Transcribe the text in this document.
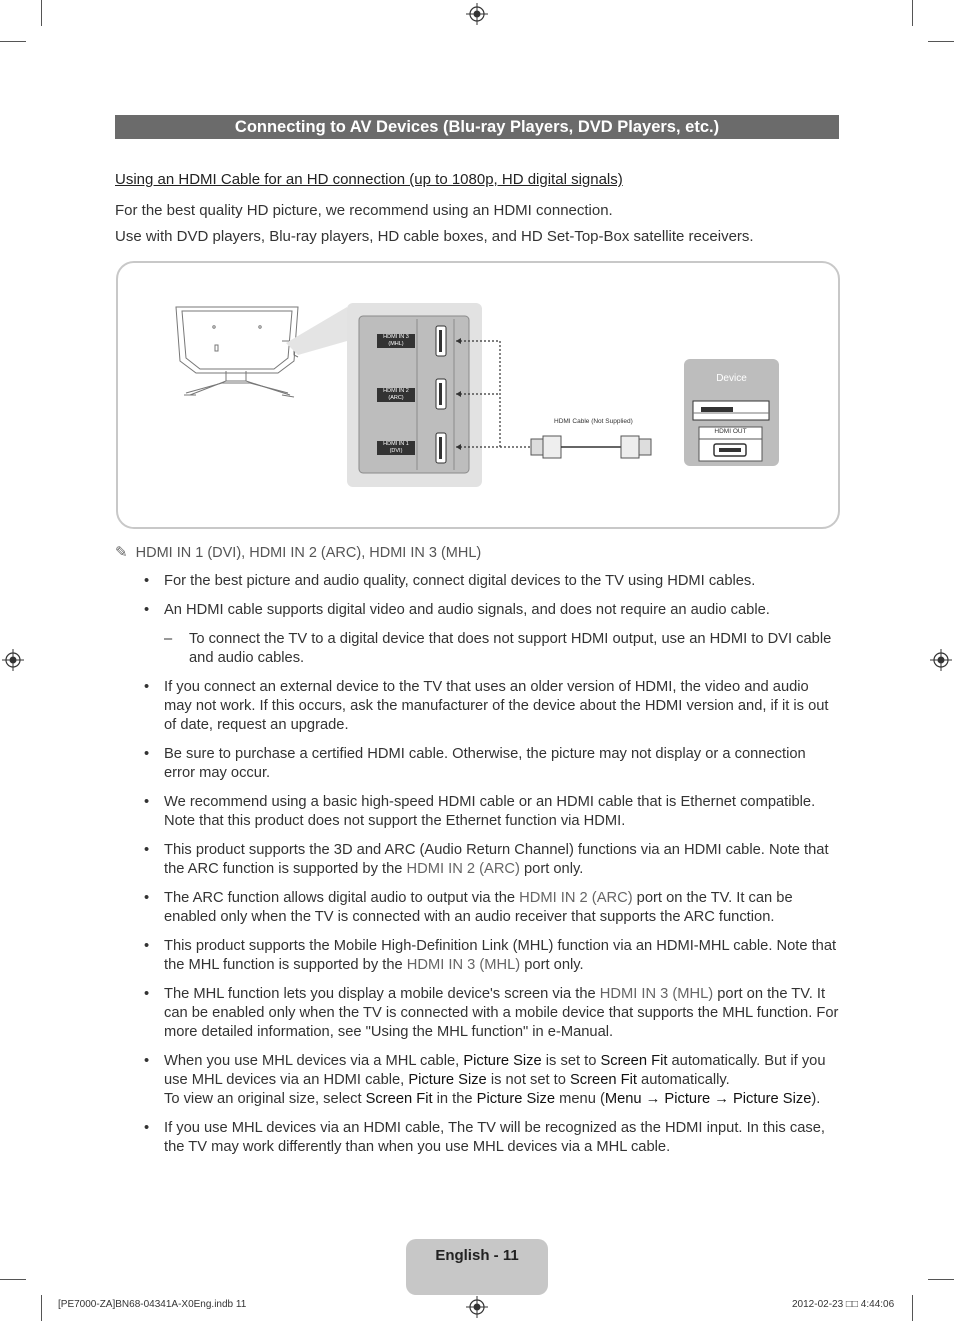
Connecting to AV Devices (Blu-ray Players, DVD Players, etc.)
Using an HDMI Cable for an HD connection (up to 1080p, HD digital signals)
For the best quality HD picture, we recommend using an HDMI connection.
Use with DVD players, Blu-ray players, HD cable boxes, and HD Set-Top-Box satellite receivers.
HDMI IN 3 (MHL)
HDMI IN 2 (ARC)
HDMI IN 1 (DVI)
HDMI Cable (Not Supplied)
Device
HDMI OUT
✎ HDMI IN 1 (DVI), HDMI IN 2 (ARC), HDMI IN 3 (MHL)
• For the best picture and audio quality, connect digital devices to the TV using HDMI cables.
• An HDMI cable supports digital video and audio signals, and does not require an audio cable.
– To connect the TV to a digital device that does not support HDMI output, use an HDMI to DVI cable and audio cables.
• If you connect an external device to the TV that uses an older version of HDMI, the video and audio may not work. If this occurs, ask the manufacturer of the device about the HDMI version and, if it is out of date, request an upgrade.
• Be sure to purchase a certified HDMI cable. Otherwise, the picture may not display or a connection error may occur.
• We recommend using a basic high-speed HDMI cable or an HDMI cable that is Ethernet compatible. Note that this product does not support the Ethernet function via HDMI.
• This product supports the 3D and ARC (Audio Return Channel) functions via an HDMI cable. Note that the ARC function is supported by the HDMI IN 2 (ARC) port only.
• The ARC function allows digital audio to output via the HDMI IN 2 (ARC) port on the TV. It can be enabled only when the TV is connected with an audio receiver that supports the ARC function.
• This product supports the Mobile High-Definition Link (MHL) function via an HDMI-MHL cable. Note that the MHL function is supported by the HDMI IN 3 (MHL) port only.
• The MHL function lets you display a mobile device's screen via the HDMI IN 3 (MHL) port on the TV. It can be enabled only when the TV is connected with a mobile device that supports the MHL function. For more detailed information, see "Using the MHL function" in e-Manual.
• When you use MHL devices via a MHL cable, Picture Size is set to Screen Fit automatically. But if you use MHL devices via an HDMI cable, Picture Size is not set to Screen Fit automatically.
To view an original size, select Screen Fit in the Picture Size menu (Menu → Picture → Picture Size).
• If you use MHL devices via an HDMI cable, The TV will be recognized as the HDMI input. In this case, the TV may work differently than when you use MHL devices via a MHL cable.
English - 11
[PE7000-ZA]BN68-04341A-X0Eng.indb 11	2012-02-23 □□ 4:44:06
